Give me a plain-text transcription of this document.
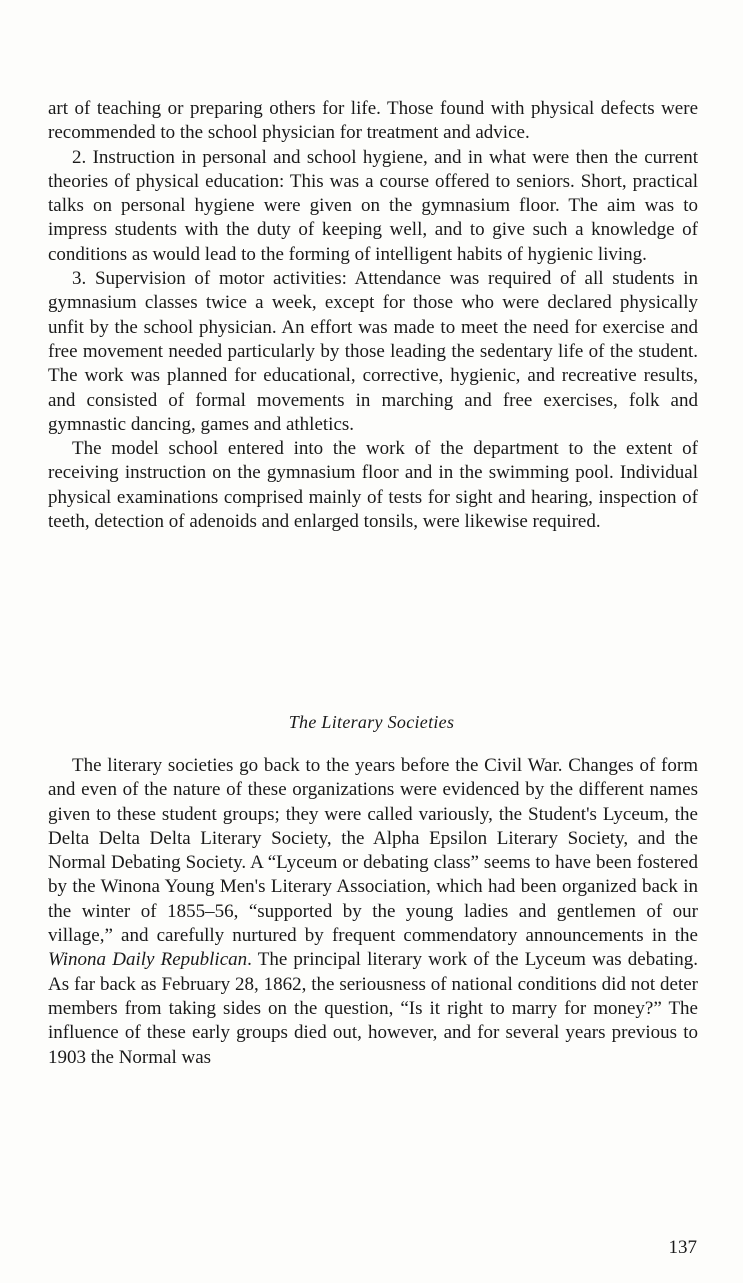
art of teaching or preparing others for life. Those found with physical defects were recommended to the school physician for treatment and advice.

2. Instruction in personal and school hygiene, and in what were then the current theories of physical education: This was a course offered to seniors. Short, practical talks on personal hygiene were given on the gymnasium floor. The aim was to impress students with the duty of keeping well, and to give such a knowledge of conditions as would lead to the forming of intelligent habits of hygienic living.

3. Supervision of motor activities: Attendance was required of all students in gymnasium classes twice a week, except for those who were declared physically unfit by the school physician. An effort was made to meet the need for exercise and free movement needed particularly by those leading the sedentary life of the student. The work was planned for educational, corrective, hygienic, and recreative results, and consisted of formal movements in marching and free exercises, folk and gymnastic dancing, games and athletics.

The model school entered into the work of the department to the extent of receiving instruction on the gymnasium floor and in the swimming pool. Individual physical examinations comprised mainly of tests for sight and hearing, inspection of teeth, detection of adenoids and enlarged tonsils, were likewise required.

The Literary Societies

The literary societies go back to the years before the Civil War. Changes of form and even of the nature of these organizations were evidenced by the different names given to these student groups; they were called variously, the Student's Lyceum, the Delta Delta Delta Literary Society, the Alpha Epsilon Literary Society, and the Normal Debating Society. A “Lyceum or debating class” seems to have been fostered by the Winona Young Men's Literary Association, which had been organized back in the winter of 1855–56, “supported by the young ladies and gentlemen of our village,” and carefully nurtured by frequent commendatory announcements in the Winona Daily Republican. The principal literary work of the Lyceum was debating. As far back as February 28, 1862, the seriousness of national conditions did not deter members from taking sides on the question, “Is it right to marry for money?” The influence of these early groups died out, however, and for several years previous to 1903 the Normal was

137
